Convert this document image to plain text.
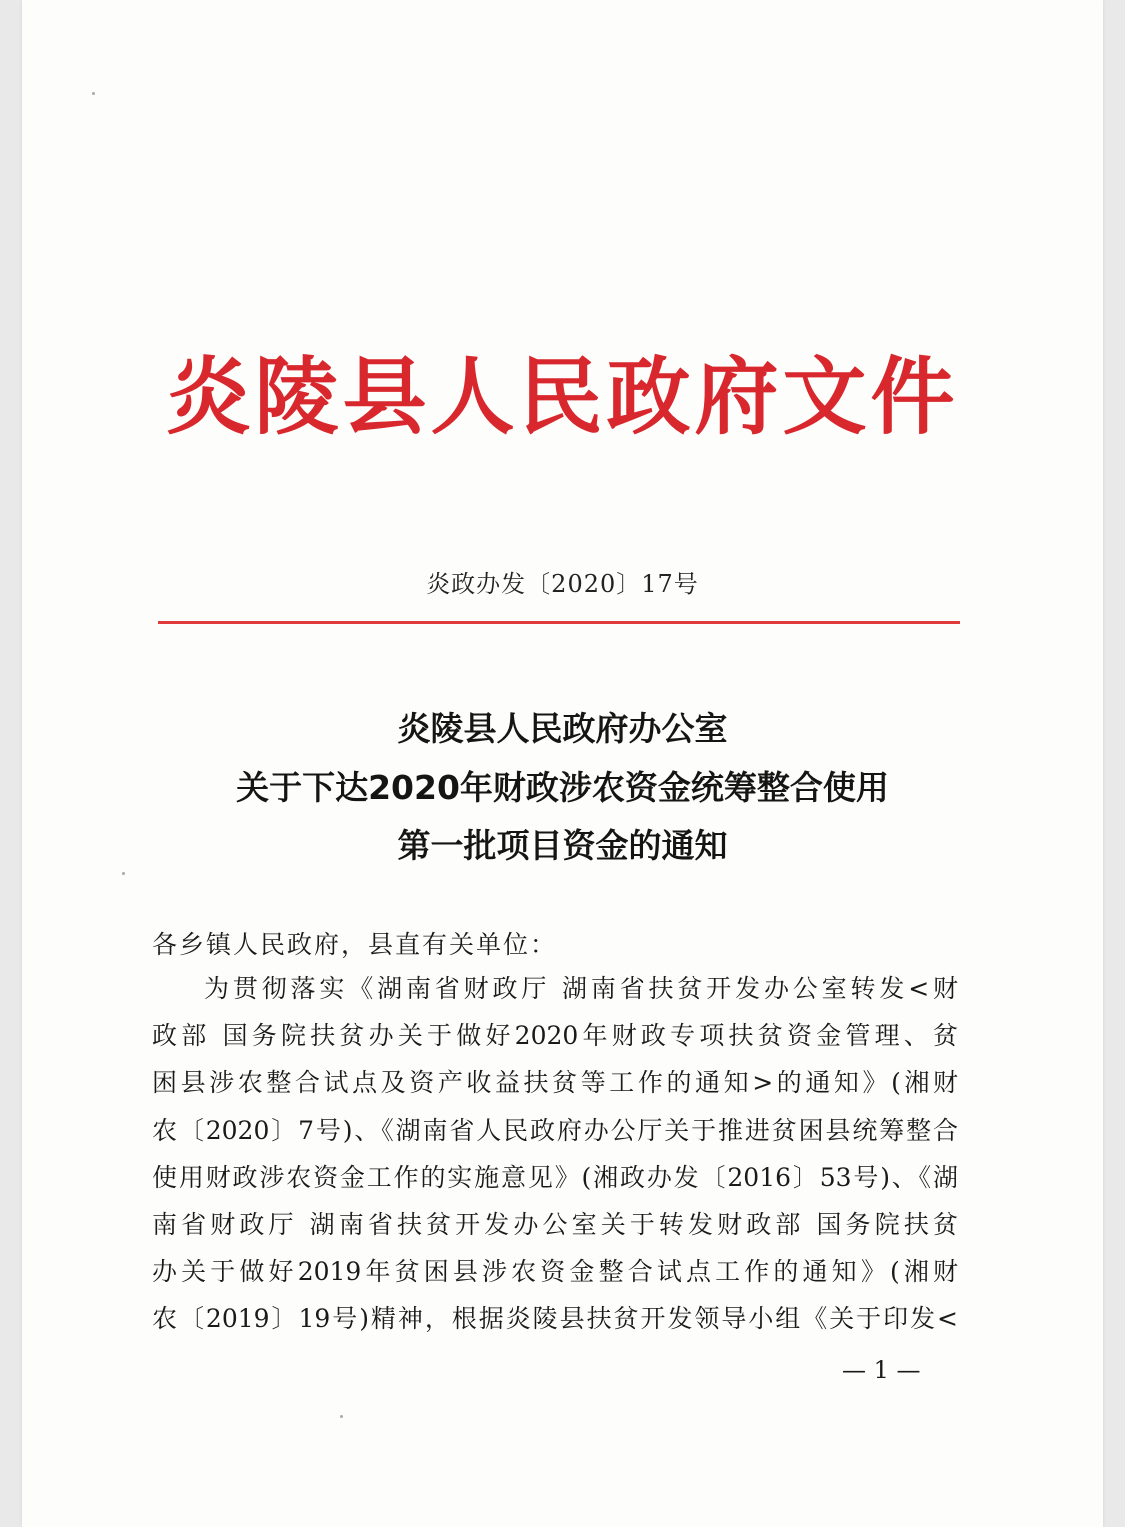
炎陵县人民政府文件
炎政办发〔2020〕17号
炎陵县人民政府办公室
关于下达2020年财政涉农资金统筹整合使用
第一批项目资金的通知
各乡镇人民政府，县直有关单位：
为贯彻落实《湖南省财政厅 湖南省扶贫开发办公室转发<财
政部 国务院扶贫办关于做好2020年财政专项扶贫资金管理、贫
困县涉农整合试点及资产收益扶贫等工作的通知>的通知》(湘财
农〔2020〕7号)、《湖南省人民政府办公厅关于推进贫困县统筹整合
使用财政涉农资金工作的实施意见》(湘政办发〔2016〕53号)、《湖
南省财政厅 湖南省扶贫开发办公室关于转发财政部 国务院扶贫
办关于做好2019年贫困县涉农资金整合试点工作的通知》(湘财
农〔2019〕19号)精神，根据炎陵县扶贫开发领导小组《关于印发<
— 1 —
